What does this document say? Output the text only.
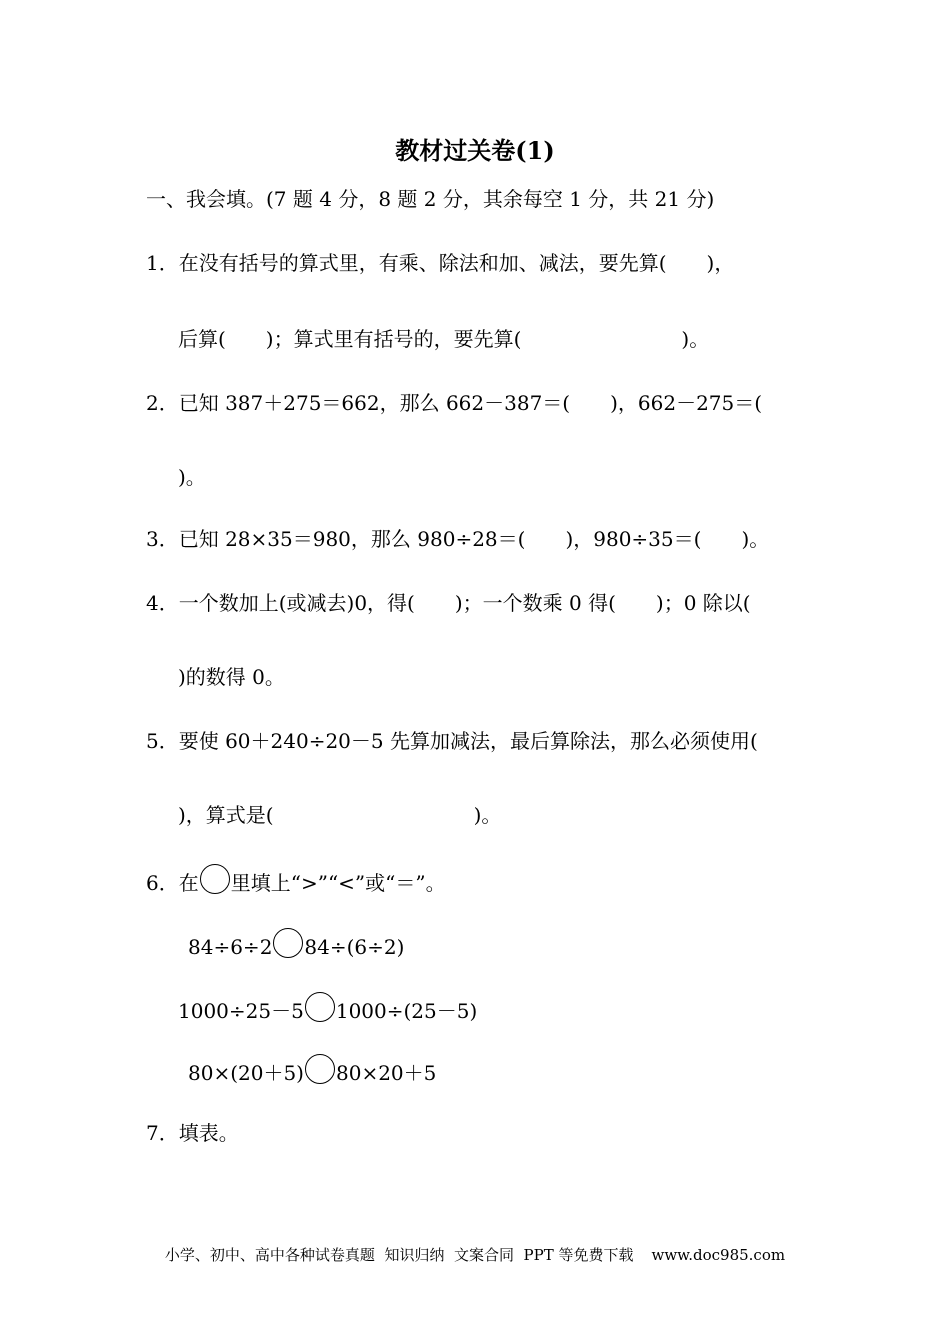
教材过关卷(1)
一、我会填。(7 题 4 分，8 题 2 分，其余每空 1 分，共 21 分)
1．在没有括号的算式里，有乘、除法和加、减法，要先算(　　)，
后算(　　)；算式里有括号的，要先算(　　　　　　　　)。
2．已知 387＋275＝662，那么 662－387＝(　　)，662－275＝(
)。
3．已知 28×35＝980，那么 980÷28＝(　　)，980÷35＝(　　)。
4．一个数加上(或减去)0，得(　　)；一个数乘 0 得(　　)；0 除以(
)的数得 0。
5．要使 60＋240÷20－5 先算加减法，最后算除法，那么必须使用(
)，算式是(　　　　　　　　　　)。
6．在 里填上“>”“<”或“＝”。
84÷6÷2 84÷(6÷2)
1000÷25－5 1000÷(25－5)
80×(20＋5) 80×20＋5
7．填表。
小学、初中、高中各种试卷真题  知识归纳  文案合同  PPT 等免费下载 www.doc985.com
